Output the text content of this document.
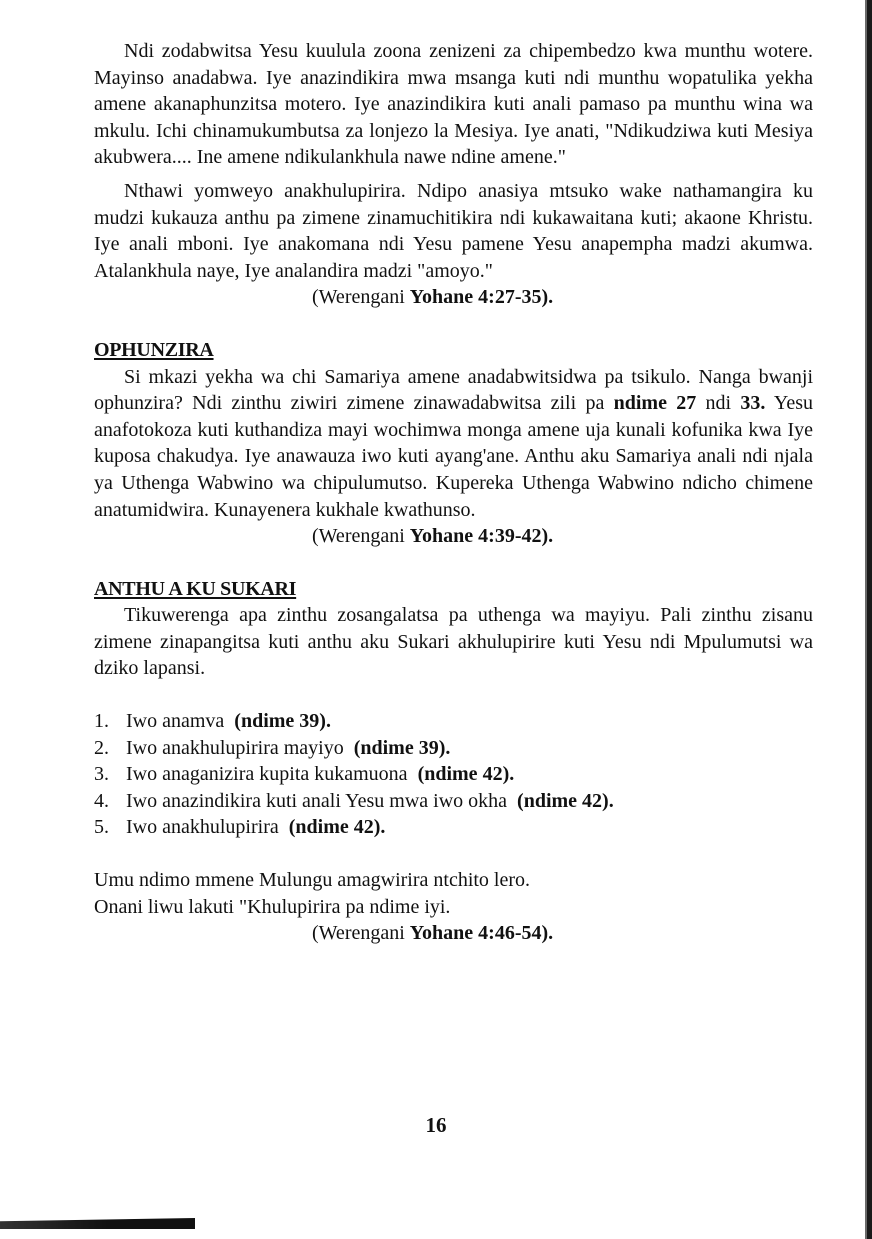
Ndi zodabwitsa Yesu kuulula zoona zenizeni za chipembedzo kwa munthu wotere. Mayinso anadabwa. Iye anazindikira mwa msanga kuti ndi munthu wopatulika yekha amene akanaphunzitsa motero. Iye anazindikira kuti anali pamaso pa munthu wina wa mkulu. Ichi chinamukumbutsa za lonjezo la Mesiya. Iye anati, "Ndikudziwa kuti Mesiya akubwera.... Ine amene ndikulankhula nawe ndine amene."

Nthawi yomweyo anakhulupirira. Ndipo anasiya mtsuko wake nathamangira ku mudzi kukauza anthu pa zimene zinamuchitikira ndi kukawaitana kuti; akaone Khristu. Iye anali mboni. Iye anakomana ndi Yesu pamene Yesu anapempha madzi akumwa. Atalankhula naye, Iye analandira madzi "amoyo."

(Werengani Yohane 4:27-35).

OPHUNZIRA

Si mkazi yekha wa chi Samariya amene anadabwitsidwa pa tsikulo. Nanga bwanji ophunzira? Ndi zinthu ziwiri zimene zinawadabwitsa zili pa ndime 27 ndi 33. Yesu anafotokoza kuti kuthandiza mayi wochimwa monga amene uja kunali kofunika kwa Iye kuposa chakudya. Iye anawauza iwo kuti ayang'ane. Anthu aku Samariya anali ndi njala ya Uthenga Wabwino wa chipulumutso. Kupereka Uthenga Wabwino ndicho chimene anatumidwira. Kunayenera kukhale kwathunso.

(Werengani Yohane 4:39-42).

ANTHU A KU SUKARI

Tikuwerenga apa zinthu zosangalatsa pa uthenga wa mayiyu. Pali zinthu zisanu zimene zinapangitsa kuti anthu aku Sukari akhulupirire kuti Yesu ndi Mpulumutsi wa dziko lapansi.

1. Iwo anamva (ndime 39).
2. Iwo anakhulupirira mayiyo (ndime 39).
3. Iwo anaganizira kupita kukamuona (ndime 42).
4. Iwo anazindikira kuti anali Yesu mwa iwo okha (ndime 42).
5. Iwo anakhulupirira (ndime 42).

Umu ndimo mmene Mulungu amagwirira ntchito lero.

Onani liwu lakuti "Khulupirira pa ndime iyi.

(Werengani Yohane 4:46-54).

16
